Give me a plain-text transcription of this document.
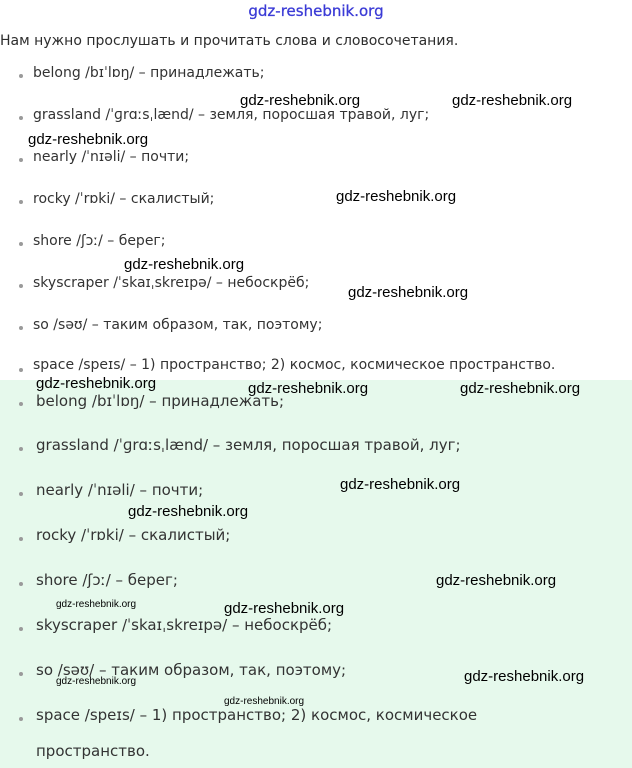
gdz-reshebnik.org
Нам нужно прослушать и прочитать слова и словосочетания.
belong /bɪˈlɒŋ/ – принадлежать;
grassland /ˈɡrɑːsˌlænd/ – земля, поросшая травой, луг;
nearly /ˈnɪəli/ – почти;
rocky /ˈrɒki/ – скалистый;
shore /ʃɔː/ – берег;
skyscraper /ˈskaɪˌskreɪpə/ – небоскрёб;
so /səʊ/ – таким образом, так, поэтому;
space /speɪs/ – 1) пространство; 2) космос, космическое пространство.
belong /bɪˈlɒŋ/ – принадлежать;
grassland /ˈɡrɑːsˌlænd/ – земля, поросшая травой, луг;
nearly /ˈnɪəli/ – почти;
rocky /ˈrɒki/ – скалистый;
shore /ʃɔː/ – берег;
skyscraper /ˈskaɪˌskreɪpə/ – небоскрёб;
so /səʊ/ – таким образом, так, поэтому;
space /speɪs/ – 1) пространство; 2) космос, космическое
пространство.
gdz-reshebnik.org	gdz-reshebnik.org
gdz-reshebnik.org
gdz-reshebnik.org
gdz-reshebnik.org
gdz-reshebnik.org
gdz-reshebnik.org	gdz-reshebnik.org	gdz-reshebnik.org
gdz-reshebnik.org
gdz-reshebnik.org
gdz-reshebnik.org
gdz-reshebnik.org	gdz-reshebnik.org
gdz-reshebnik.org
gdz-reshebnik.org
gdz-reshebnik.org
